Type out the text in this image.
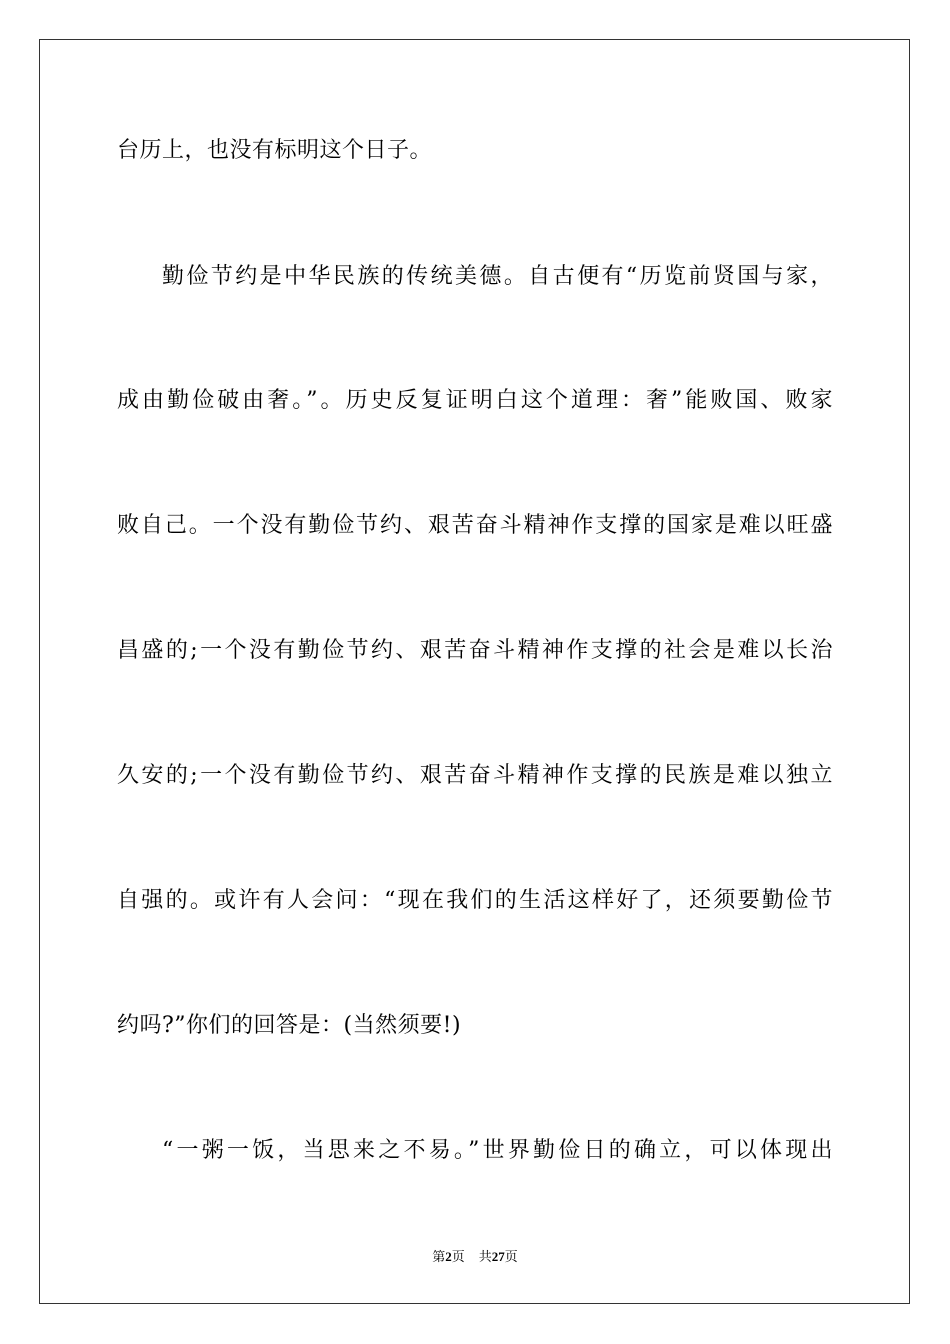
台历上，也没有标明这个日子。
勤俭节约是中华民族的传统美德。自古便有“历览前贤国与家，
成由勤俭破由奢。”。历史反复证明白这个道理：奢”能败国、败家
败自己。一个没有勤俭节约、艰苦奋斗精神作支撑的国家是难以旺盛
昌盛的;一个没有勤俭节约、艰苦奋斗精神作支撑的社会是难以长治
久安的;一个没有勤俭节约、艰苦奋斗精神作支撑的民族是难以独立
自强的。或许有人会问：“现在我们的生活这样好了，还须要勤俭节
约吗?”你们的回答是：(当然须要!)
“一粥一饭，当思来之不易。”世界勤俭日的确立，可以体现出
第2页 共27页
